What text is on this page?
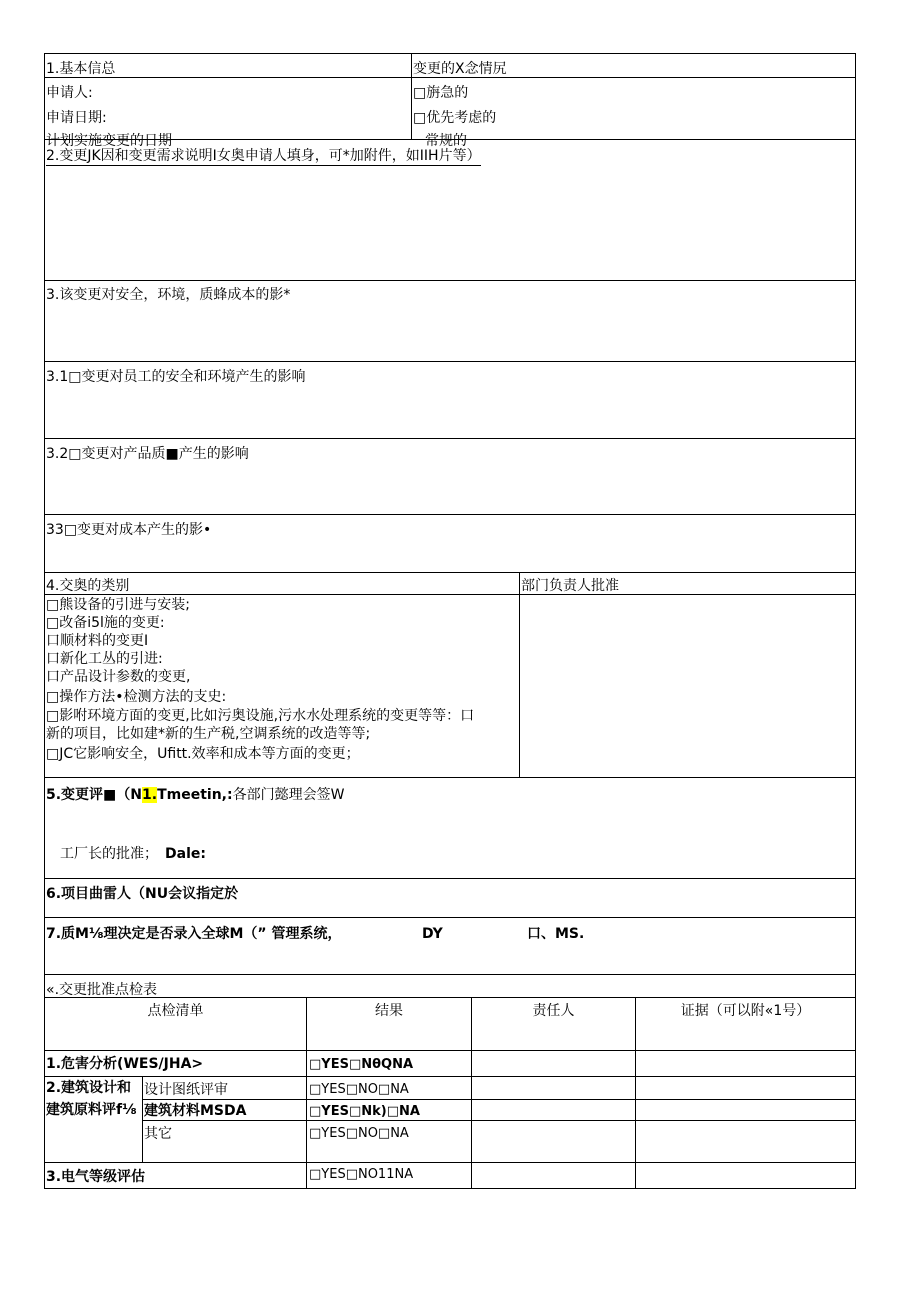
1.基本信总	变更的X念情尻
申请人:
申请日期:
计划实施变更的日期
□旃急的
□优先考虑的
常规的
2.变更JK因和变更需求说明I女奥申请人填身，可*加附件，如IIH片等）
3.该变更对安全，环境，质蜂成本的影*
3.1□变更对员工的安全和环境产生的影响
3.2□变更对产品质■产生的影响
33□变更对成本产生的影•
4.交奥的类别	部门负责人批准
□熊设备的引进与安装;
□改备i5l施的变更:
口顺材料的变更I
口新化工丛的引进:
口产品设计参数的变更,
□操作方法•检测方法的支史:
□影咐环境方面的变更,比如污奥设施,污水水处理系统的变更等等：口
新的项目，比如建*新的生产税,空调系统的改造等等;
□JC它影响安全，Ufitt.效率和成本等方面的变更；
5.变更评■（N1.Tmeetin,:各部门懿理会签W
工厂长的批准； Dale:
6.项目曲雷人（NU会议指定於
7.质M⅛理决定是否录入全球M（” 管理系统，	DY	口、MS.
«.交更批准点检表
点检清单	结果	责任人	证据（可以附«1号）
1.危害分析(WES/JHA>	□YES□NθQNA
2.建筑设计和
建筑原料评f⅛
设计图纸评审	□YES□NO□NA
建筑材料MSDA	□YES□Nk)□NA
其它	□YES□NO□NA
3.电气等级评估	□YES□NO11NA
